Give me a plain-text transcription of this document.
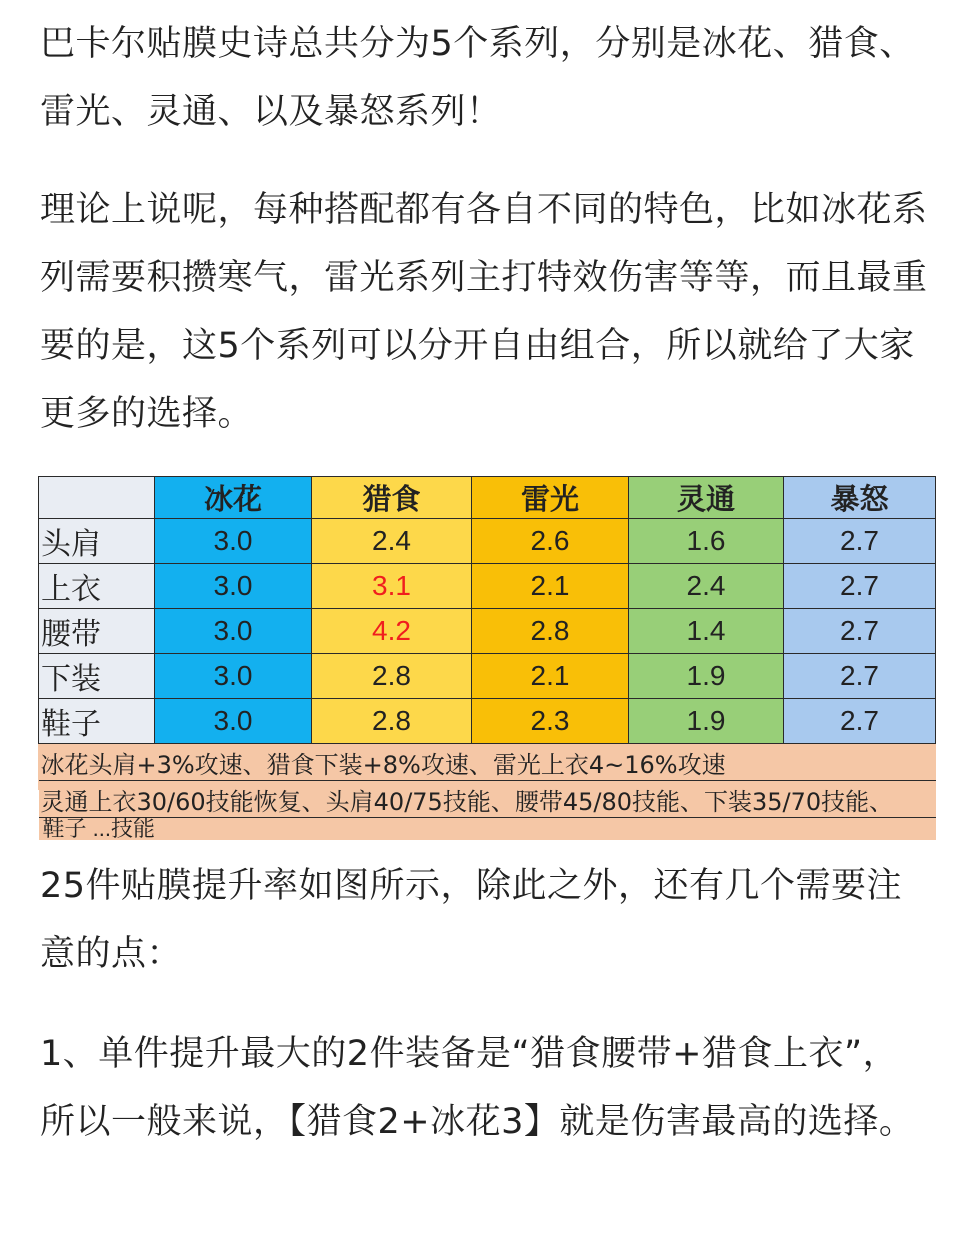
巴卡尔贴膜史诗总共分为5个系列，分别是冰花、猎食、雷光、灵通、以及暴怒系列！

理论上说呢，每种搭配都有各自不同的特色，比如冰花系列需要积攒寒气，雷光系列主打特效伤害等等，而且最重要的是，这5个系列可以分开自由组合，所以就给了大家更多的选择。

	冰花	猎食	雷光	灵通	暴怒
头肩	3.0	2.4	2.6	1.6	2.7
上衣	3.0	3.1	2.1	2.4	2.7
腰带	3.0	4.2	2.8	1.4	2.7
下装	3.0	2.8	2.1	1.9	2.7
鞋子	3.0	2.8	2.3	1.9	2.7
冰花头肩+3%攻速、猎食下装+8%攻速、雷光上衣4~16%攻速					
灵通上衣30/60技能恢复、头肩40/75技能、腰带45/80技能、下装35/70技能、					
鞋子 ...技能					

25件贴膜提升率如图所示，除此之外，还有几个需要注意的点：

1、单件提升最大的2件装备是“猎食腰带+猎食上衣”，所以一般来说，【猎食2+冰花3】就是伤害最高的选择。
